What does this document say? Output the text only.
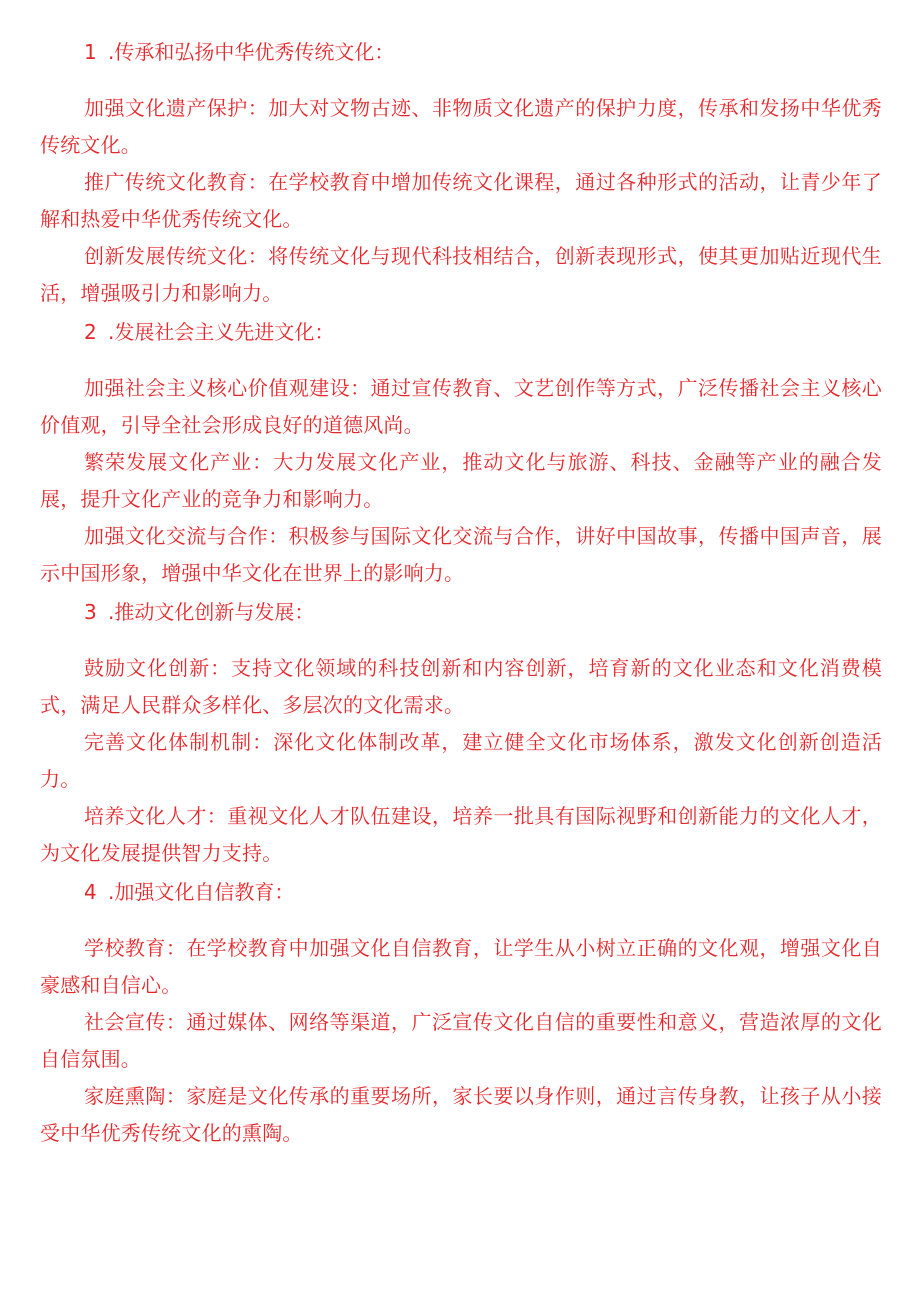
1 .传承和弘扬中华优秀传统文化：

加强文化遗产保护：加大对文物古迹、非物质文化遗产的保护力度，传承和发扬中华优秀传统文化。

推广传统文化教育：在学校教育中增加传统文化课程，通过各种形式的活动，让青少年了解和热爱中华优秀传统文化。

创新发展传统文化：将传统文化与现代科技相结合，创新表现形式，使其更加贴近现代生活，增强吸引力和影响力。

2 .发展社会主义先进文化：

加强社会主义核心价值观建设：通过宣传教育、文艺创作等方式，广泛传播社会主义核心价值观，引导全社会形成良好的道德风尚。

繁荣发展文化产业：大力发展文化产业，推动文化与旅游、科技、金融等产业的融合发展，提升文化产业的竞争力和影响力。

加强文化交流与合作：积极参与国际文化交流与合作，讲好中国故事，传播中国声音，展示中国形象，增强中华文化在世界上的影响力。

3 .推动文化创新与发展：

鼓励文化创新：支持文化领域的科技创新和内容创新，培育新的文化业态和文化消费模式，满足人民群众多样化、多层次的文化需求。

完善文化体制机制：深化文化体制改革，建立健全文化市场体系，激发文化创新创造活力。

培养文化人才：重视文化人才队伍建设，培养一批具有国际视野和创新能力的文化人才，为文化发展提供智力支持。

4 .加强文化自信教育：

学校教育：在学校教育中加强文化自信教育，让学生从小树立正确的文化观，增强文化自豪感和自信心。

社会宣传：通过媒体、网络等渠道，广泛宣传文化自信的重要性和意义，营造浓厚的文化自信氛围。

家庭熏陶：家庭是文化传承的重要场所，家长要以身作则，通过言传身教，让孩子从小接受中华优秀传统文化的熏陶。
